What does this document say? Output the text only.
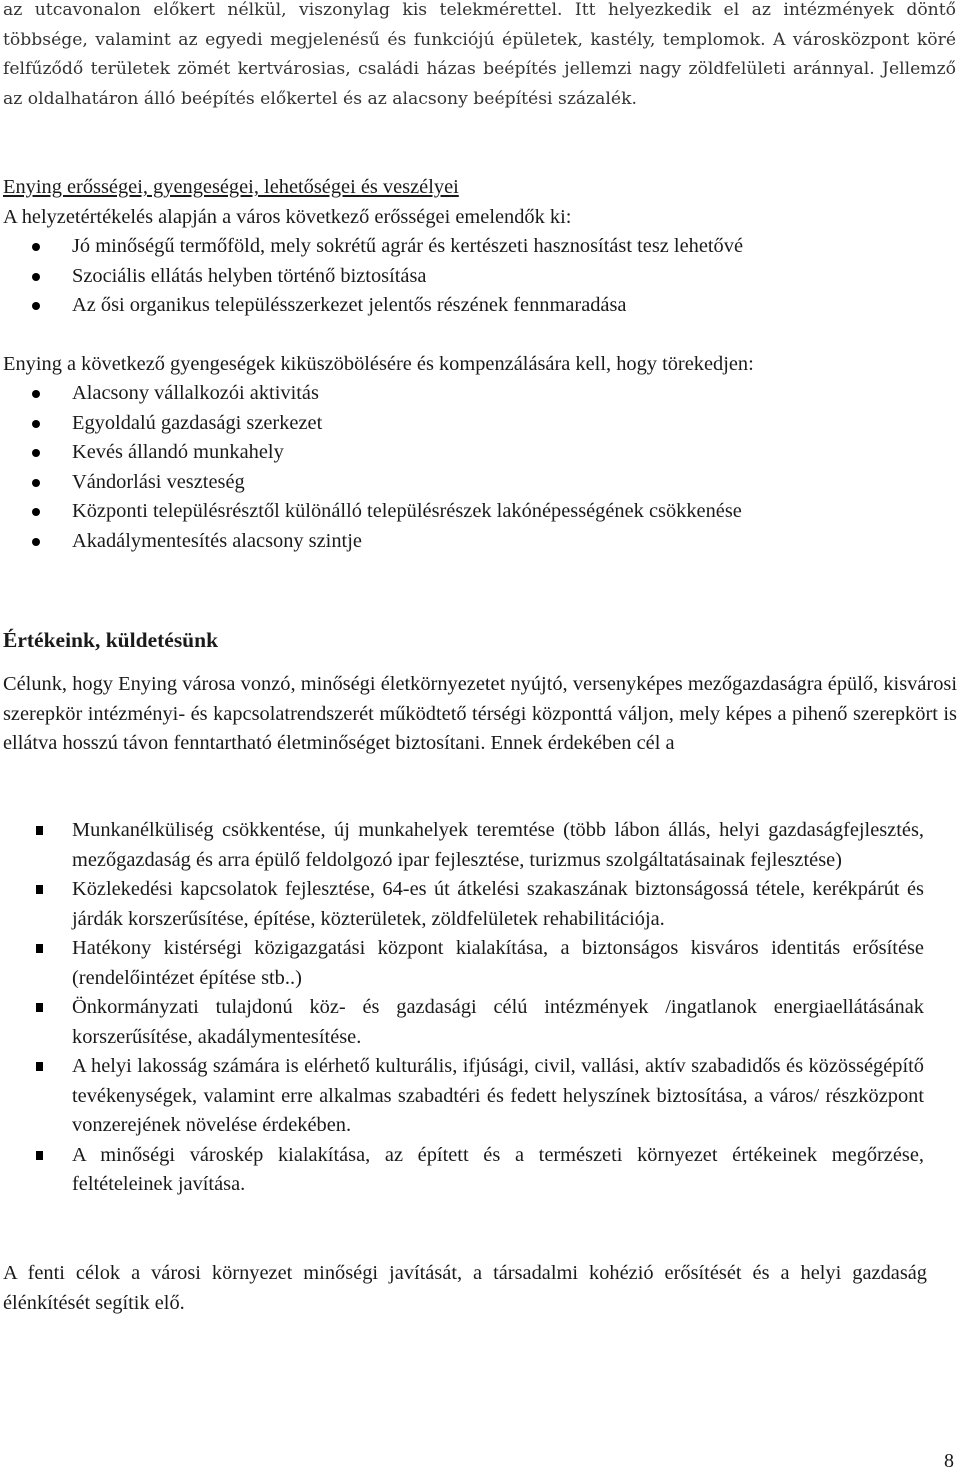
az utcavonalon előkert nélkül, viszonylag kis telekmérettel. Itt helyezkedik el az intézmények döntő többsége, valamint az egyedi megjelenésű és funkciójú épületek, kastély, templomok. A városközpont köré felfűződő területek zömét kertvárosias, családi házas beépítés jellemzi nagy zöldfelületi aránnyal. Jellemző az oldalhatáron álló beépítés előkertel és az alacsony beépítési százalék.

Enying erősségei, gyengeségei, lehetőségei és veszélyei

A helyzetértékelés alapján a város következő erősségei emelendők ki:

Jó minőségű termőföld, mely sokrétű agrár és kertészeti hasznosítást tesz lehetővé
Szociális ellátás helyben történő biztosítása
Az ősi organikus településszerkezet jelentős részének fennmaradása

Enying a következő gyengeségek kiküszöbölésére és kompenzálására kell, hogy törekedjen:

Alacsony vállalkozói aktivitás
Egyoldalú gazdasági szerkezet
Kevés állandó munkahely
Vándorlási veszteség
Központi településrésztől különálló településrészek lakónépességének csökkenése
Akadálymentesítés alacsony szintje

Értékeink, küldetésünk

Célunk, hogy Enying városa vonzó, minőségi életkörnyezetet nyújtó, versenyképes mezőgazdaságra épülő, kisvárosi szerepkör intézményi- és kapcsolatrendszerét működtető térségi központtá váljon, mely képes a pihenő szerepkört is ellátva hosszú távon fenntartható életminőséget biztosítani. Ennek érdekében cél a

Munkanélküliség csökkentése, új munkahelyek teremtése (több lábon állás, helyi gazdaságfejlesztés, mezőgazdaság és arra épülő feldolgozó ipar fejlesztése, turizmus szolgáltatásainak fejlesztése)
Közlekedési kapcsolatok fejlesztése, 64-es út átkelési szakaszának biztonságossá tétele, kerékpárút és járdák korszerűsítése, építése, közterületek, zöldfelületek rehabilitációja.
Hatékony kistérségi közigazgatási központ kialakítása, a biztonságos kisváros identitás erősítése (rendelőintézet építése stb..)
Önkormányzati tulajdonú köz- és gazdasági célú intézmények /ingatlanok energiaellátásának korszerűsítése, akadálymentesítése.
A helyi lakosság számára is elérhető kulturális, ifjúsági, civil, vallási, aktív szabadidős és közösségépítő tevékenységek, valamint erre alkalmas szabadtéri és fedett helyszínek biztosítása, a város/ részközpont vonzerejének növelése érdekében.
A minőségi városkép kialakítása, az épített és a természeti környezet értékeinek megőrzése, feltételeinek javítása.

A fenti célok a városi környezet minőségi javítását, a társadalmi kohézió erősítését és a helyi gazdaság élénkítését segítik elő.

8
